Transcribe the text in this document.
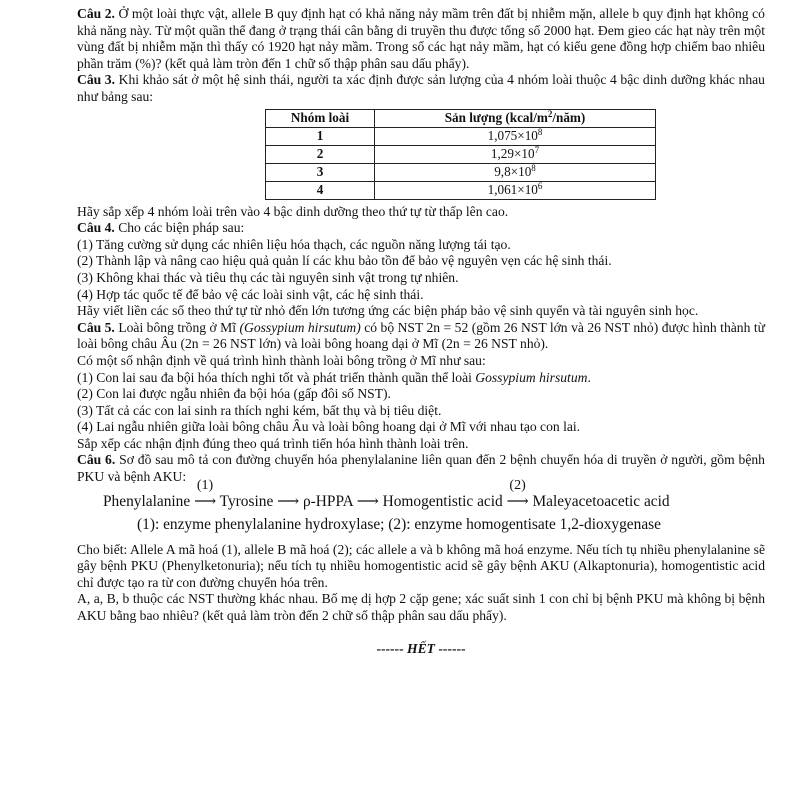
Câu 2. Ở một loài thực vật, allele B quy định hạt có khả năng nảy mầm trên đất bị nhiễm mặn, allele b quy định hạt không có khả năng này. Từ một quần thể đang ở trạng thái cân bằng di truyền thu được tổng số 2000 hạt. Đem gieo các hạt này trên một vùng đất bị nhiễm mặn thì thấy có 1920 hạt nảy mầm. Trong số các hạt nảy mầm, hạt có kiểu gene đồng hợp chiếm bao nhiêu phần trăm (%)? (kết quả làm tròn đến 1 chữ số thập phân sau dấu phẩy).

Câu 3. Khi khảo sát ở một hệ sinh thái, người ta xác định được sản lượng của 4 nhóm loài thuộc 4 bậc dinh dưỡng khác nhau như bảng sau:

Nhóm loài	Sản lượng $(kcal/m^2/năm)$
1	$1,075\times 10^8$
2	$1,29\times 10^7$
3	$9,8\times 10^8$
4	$1,061\times 10^6$

Hãy sắp xếp 4 nhóm loài trên vào 4 bậc dinh dưỡng theo thứ tự từ thấp lên cao.

Câu 4. Cho các biện pháp sau:

(1) Tăng cường sử dụng các nhiên liệu hóa thạch, các nguồn năng lượng tái tạo.

(2) Thành lập và nâng cao hiệu quả quản lí các khu bảo tồn để bảo vệ nguyên vẹn các hệ sinh thái.

(3) Không khai thác và tiêu thụ các tài nguyên sinh vật trong tự nhiên.

(4) Hợp tác quốc tế để bảo vệ các loài sinh vật, các hệ sinh thái.

Hãy viết liền các số theo thứ tự từ nhỏ đến lớn tương ứng các biện pháp bảo vệ sinh quyển và tài nguyên sinh học.

Câu 5. Loài bông trồng ở Mĩ (Gossypium hirsutum) có bộ NST 2n = 52 (gồm 26 NST lớn và 26 NST nhỏ) được hình thành từ loài bông châu Âu (2n = 26 NST lớn) và loài bông hoang dại ở Mĩ (2n = 26 NST nhỏ).

Có một số nhận định về quá trình hình thành loài bông trồng ở Mĩ như sau:

(1) Con lai sau đa bội hóa thích nghi tốt và phát triển thành quần thể loài Gossypium hirsutum.

(2) Con lai được ngẫu nhiên đa bội hóa (gấp đôi số NST).

(3) Tất cả các con lai sinh ra thích nghi kém, bất thụ và bị tiêu diệt.

(4) Lai ngẫu nhiên giữa loài bông châu Âu và loài bông hoang dại ở Mĩ với nhau tạo con lai.

Sắp xếp các nhận định đúng theo quá trình tiến hóa hình thành loài trên.

Câu 6. Sơ đồ sau mô tả con đường chuyển hóa phenylalanine liên quan đến 2 bệnh chuyển hóa di truyền ở người, gồm bệnh PKU và bệnh AKU:

Phenylalanine
(1)
⟶ Tyrosine ⟶ ρ-HPPA ⟶ Homogentistic acid
(2)
⟶ Maleyacetoacetic acid
(1): enzyme phenylalanine hydroxylase; (2): enzyme homogentisate 1,2-dioxygenase

Cho biết: Allele A mã hoá (1), allele B mã hoá (2); các allele a và b không mã hoá enzyme. Nếu tích tụ nhiều phenylalanine sẽ gây bệnh PKU (Phenylketonuria); nếu tích tụ nhiều homogentistic acid sẽ gây bệnh AKU (Alkaptonuria), homogentistic acid chỉ được tạo ra từ con đường chuyển hóa trên.

A, a, B, b thuộc các NST thường khác nhau. Bố mẹ dị hợp 2 cặp gene; xác suất sinh 1 con chỉ bị bệnh PKU mà không bị bệnh AKU bằng bao nhiêu? (kết quả làm tròn đến 2 chữ số thập phân sau dấu phẩy).

------ HẾT ------
